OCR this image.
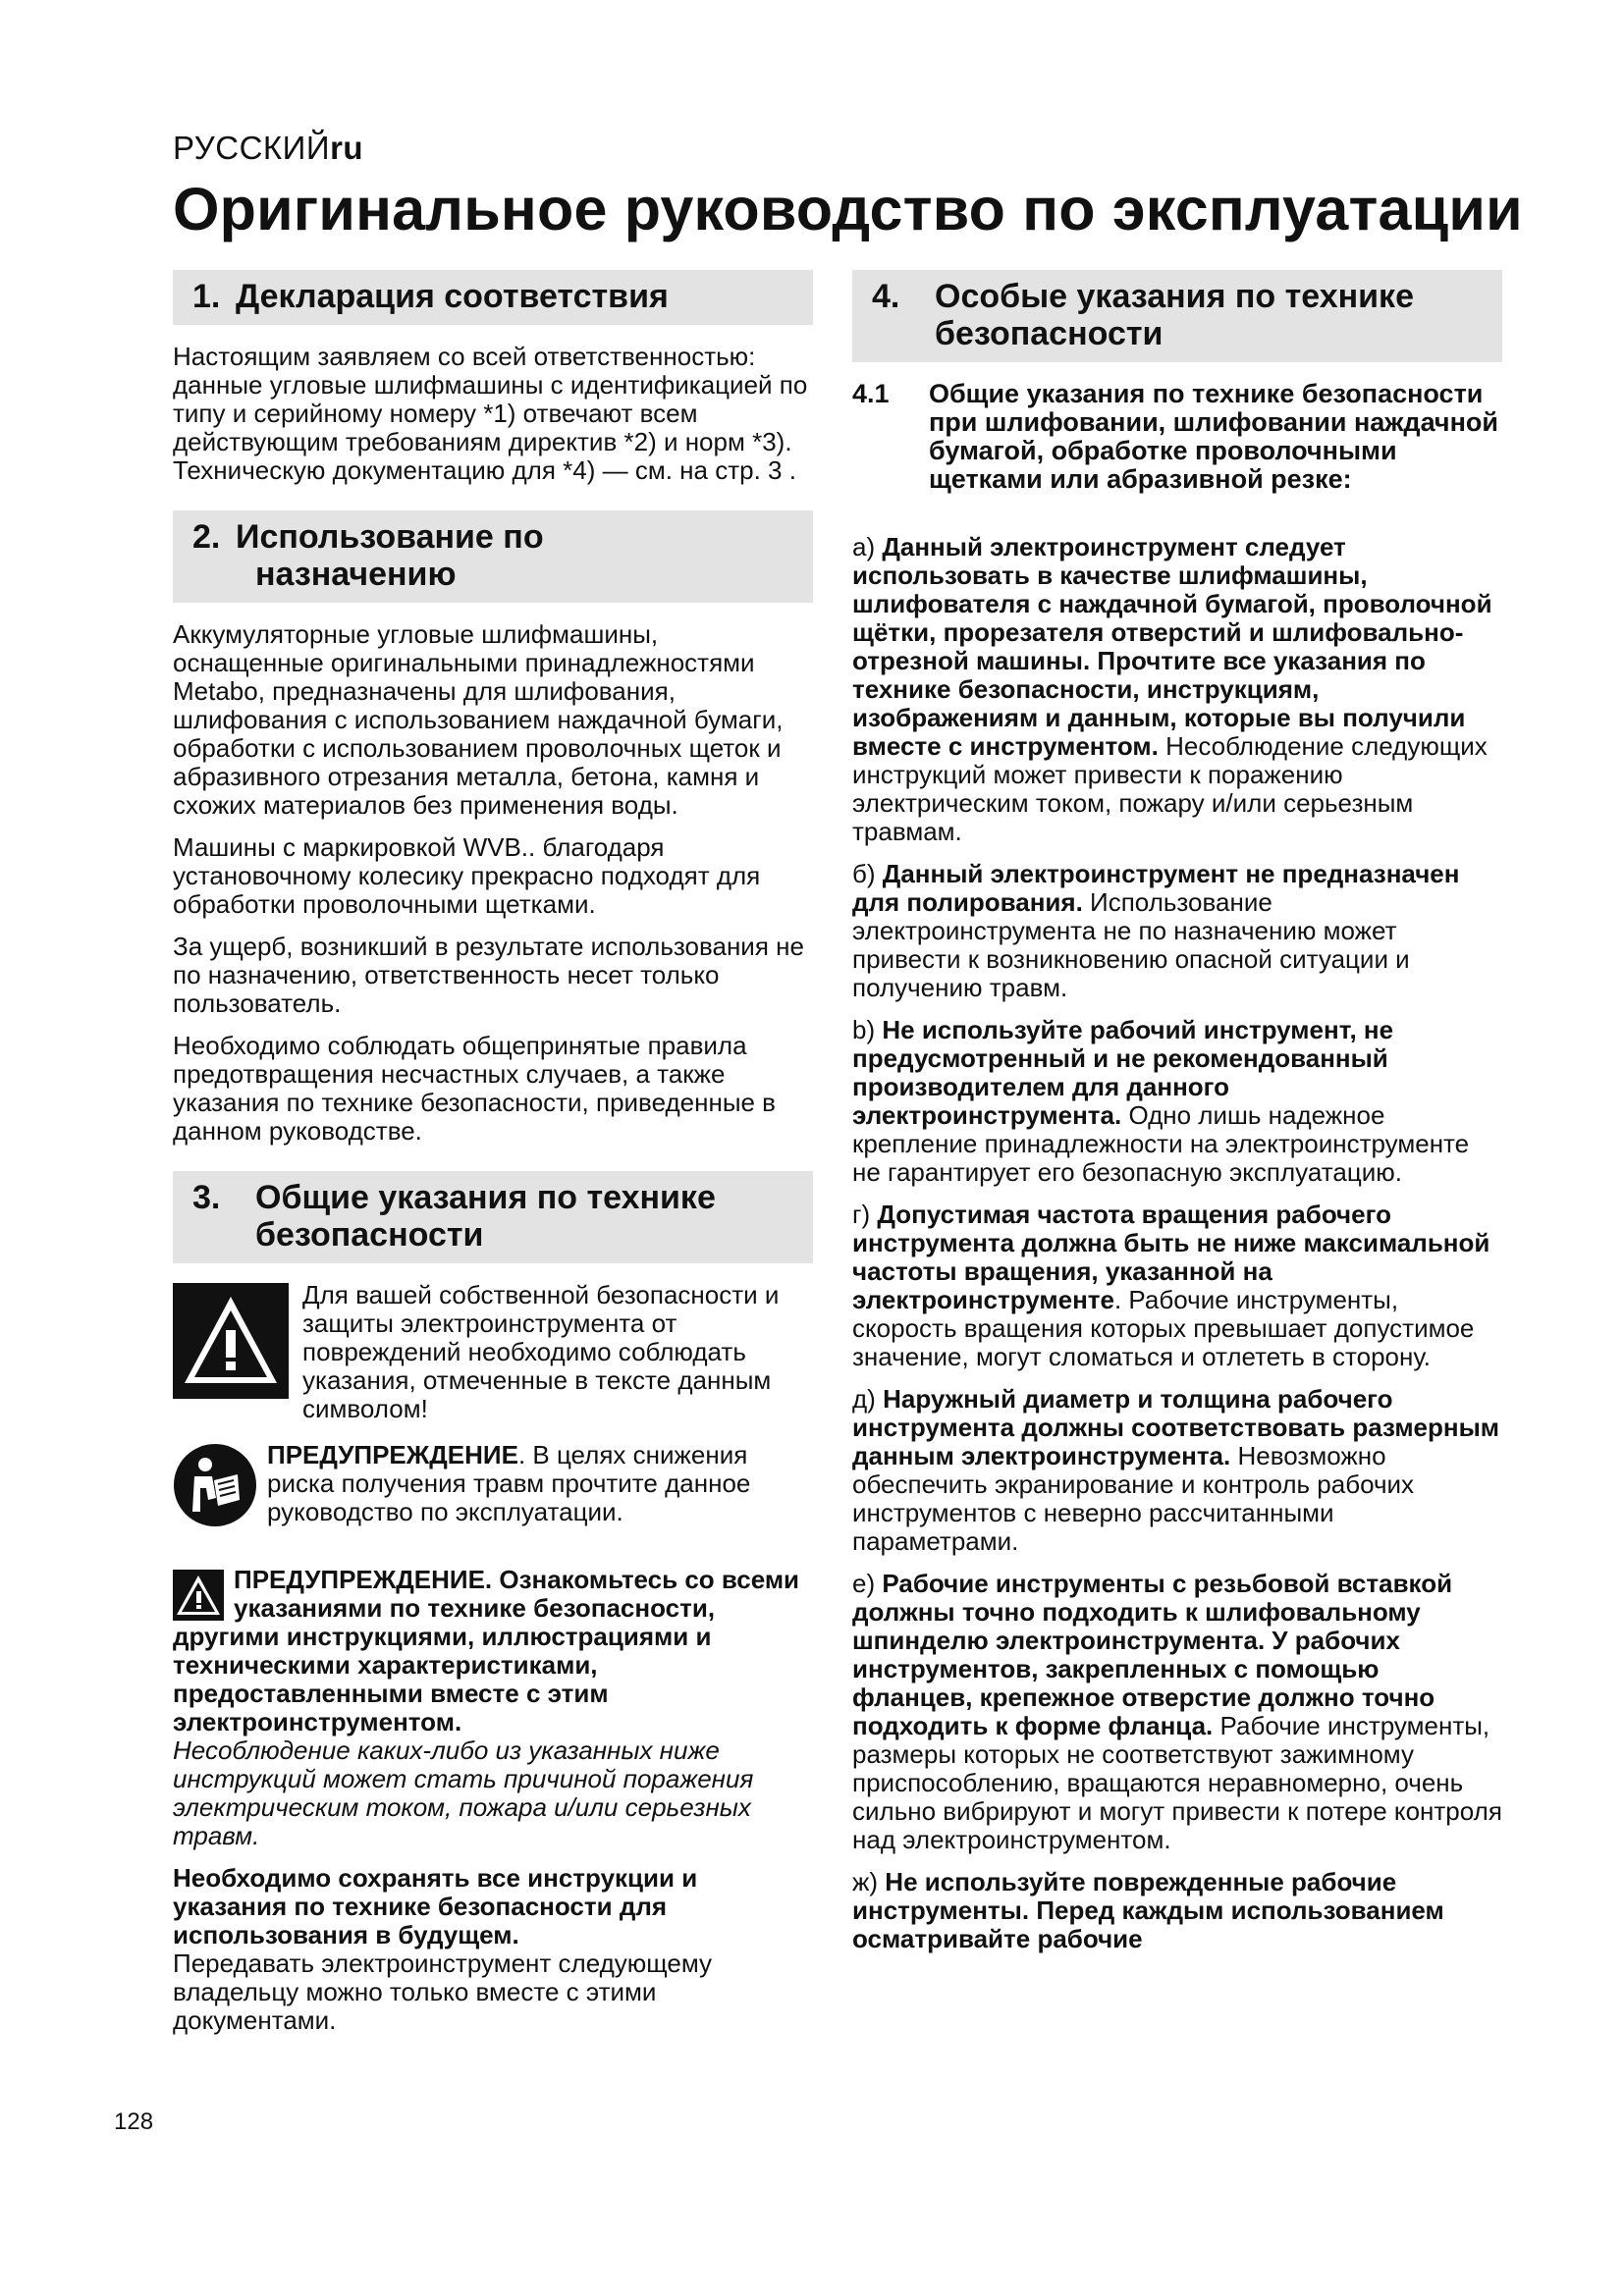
РУССКИЙru
Оригинальное руководство по эксплуатации
1. Декларация соответствия

Настоящим заявляем со всей ответственностью: данные угловые шлифмашины с идентификацией по типу и серийному номеру *1) отвечают всем действующим требованиям директив *2) и норм *3). Техническую документацию для *4) — см. на стр. 3 .

2. Использование по
назначению

Аккумуляторные угловые шлифмашины, оснащенные оригинальными принадлежностями Metabo, предназначены для шлифования, шлифования с использованием наждачной бумаги, обработки с использованием проволочных щеток и абразивного отрезания металла, бетона, камня и схожих материалов без применения воды.

Машины с маркировкой WVB.. благодаря установочному колесику прекрасно подходят для обработки проволочными щетками.

За ущерб, возникший в результате использования не по назначению, ответственность несет только пользователь.

Необходимо соблюдать общепринятые правила предотвращения несчастных случаев, а также указания по технике безопасности, приведенные в данном руководстве.

3. Общие указания по технике
безопасности

Для вашей собственной безопасности и защиты электроинструмента от повреждений необходимо соблюдать указания, отмеченные в тексте данным символом!

ПРЕДУПРЕЖДЕНИЕ. В целях снижения риска получения травм прочтите данное руководство по эксплуатации.

ПРЕДУПРЕЖДЕНИЕ. Ознакомьтесь со всеми указаниями по технике безопасности, другими инструкциями, иллюстрациями и техническими характеристиками, предоставленными вместе с этим электроинструментом.

Несоблюдение каких-либо из указанных ниже инструкций может стать причиной поражения электрическим током, пожара и/или серьезных травм.

Необходимо сохранять все инструкции и указания по технике безопасности для использования в будущем.
Передавать электроинструмент следующему владельцу можно только вместе с этими документами.

4. Особые указания по технике
безопасности
4.1	Общие указания по технике безопасности при шлифовании, шлифовании наждачной бумагой, обработке проволочными щетками или абразивной резке:

a) Данный электроинструмент следует использовать в качестве шлифмашины, шлифователя с наждачной бумагой, проволочной щётки, прорезателя отверстий и шлифовально-отрезной машины. Прочтите все указания по технике безопасности, инструкциям, изображениям и данным, которые вы получили вместе с инструментом. Несоблюдение следующих инструкций может привести к поражению электрическим током, пожару и/или серьезным травмам.

б) Данный электроинструмент не предназначен для полирования. Использование электроинструмента не по назначению может привести к возникновению опасной ситуации и получению травм.

b) Не используйте рабочий инструмент, не предусмотренный и не рекомендованный производителем для данного электроинструмента. Одно лишь надежное крепление принадлежности на электроинструменте не гарантирует его безопасную эксплуатацию.

г) Допустимая частота вращения рабочего инструмента должна быть не ниже максимальной частоты вращения, указанной на электроинструменте. Рабочие инструменты, скорость вращения которых превышает допустимое значение, могут сломаться и отлететь в сторону.

д) Наружный диаметр и толщина рабочего инструмента должны соответствовать размерным данным электроинструмента. Невозможно обеспечить экранирование и контроль рабочих инструментов с неверно рассчитанными параметрами.

е) Рабочие инструменты с резьбовой вставкой должны точно подходить к шлифовальному шпинделю электроинструмента. У рабочих инструментов, закрепленных с помощью фланцев, крепежное отверстие должно точно подходить к форме фланца. Рабочие инструменты, размеры которых не соответствуют зажимному приспособлению, вращаются неравномерно, очень сильно вибрируют и могут привести к потере контроля над электроинструментом.

ж) Не используйте поврежденные рабочие инструменты. Перед каждым использованием осматривайте рабочие

128
